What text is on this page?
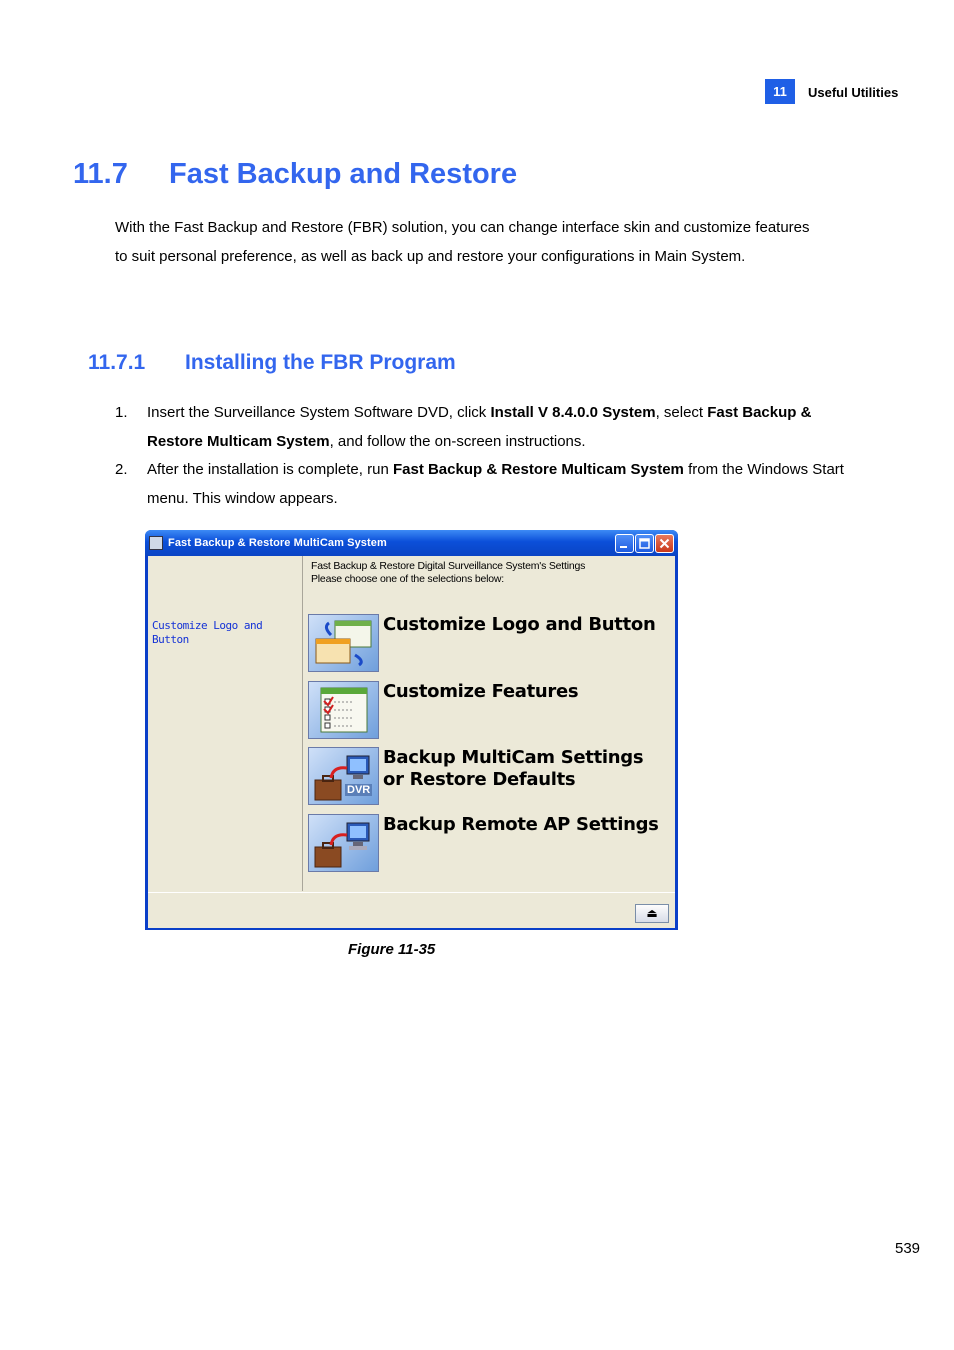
11	Useful Utilities
11.7 Fast Backup and Restore
With the Fast Backup and Restore (FBR) solution, you can change interface skin and customize features to suit personal preference, as well as back up and restore your configurations in Main System.
11.7.1 Installing the FBR Program
1. Insert the Surveillance System Software DVD, click Install V 8.4.0.0 System, select Fast Backup & Restore Multicam System, and follow the on-screen instructions.
2. After the installation is complete, run Fast Backup & Restore Multicam System from the Windows Start menu. This window appears.
Fast Backup & Restore MultiCam System
Customize Logo and Button
Fast Backup & Restore Digital Surveillance System's Settings
Please choose one of the selections below:
Customize Logo and Button
Customize Features
DVR
Backup MultiCam Settings
or Restore Defaults
Backup Remote AP Settings
⏏
Figure 11-35
539
